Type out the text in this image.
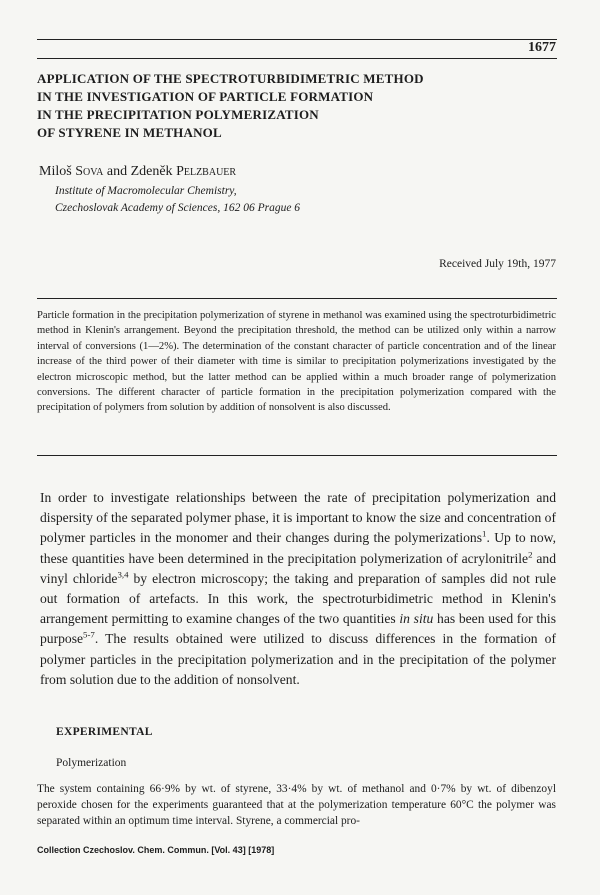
1677
APPLICATION OF THE SPECTROTURBIDIMETRIC METHOD
IN THE INVESTIGATION OF PARTICLE FORMATION
IN THE PRECIPITATION POLYMERIZATION
OF STYRENE IN METHANOL
Miloš Sova and Zdeněk Pelzbauer
Institute of Macromolecular Chemistry,
Czechoslovak Academy of Sciences, 162 06 Prague 6
Received July 19th, 1977
Particle formation in the precipitation polymerization of styrene in methanol was examined using the spectroturbidimetric method in Klenin's arrangement. Beyond the precipitation threshold, the method can be utilized only within a narrow interval of conversions (1—2%). The determination of the constant character of particle concentration and of the linear increase of the third power of their diameter with time is similar to precipitation polymerizations investigated by the electron microscopic method, but the latter method can be applied within a much broader range of polymerization conversions. The different character of particle formation in the precipitation polymerization compared with the precipitation of polymers from solution by addition of nonsolvent is also discussed.
In order to investigate relationships between the rate of precipitation polymerization and dispersity of the separated polymer phase, it is important to know the size and concentration of polymer particles in the monomer and their changes during the polymerizations$^1$. Up to now, these quantities have been determined in the precipitation polymerization of acrylonitrile$^2$ and vinyl chloride$^{3,4}$ by electron microscopy; the taking and preparation of samples did not rule out formation of artefacts. In this work, the spectroturbidimetric method in Klenin's arrangement permitting to examine changes of the two quantities in situ has been used for this purpose$^{5-7}$. The results obtained were utilized to discuss differences in the formation of polymer particles in the precipitation polymerization and in the precipitation of the polymer from solution due to the addition of nonsolvent.
EXPERIMENTAL
Polymerization
The system containing 66·9% by wt. of styrene, 33·4% by wt. of methanol and 0·7% by wt. of dibenzoyl peroxide chosen for the experiments guaranteed that at the polymerization temperature 60°C the polymer was separated within an optimum time interval. Styrene, a commercial pro-
Collection Czechoslov. Chem. Commun. [Vol. 43] [1978]
